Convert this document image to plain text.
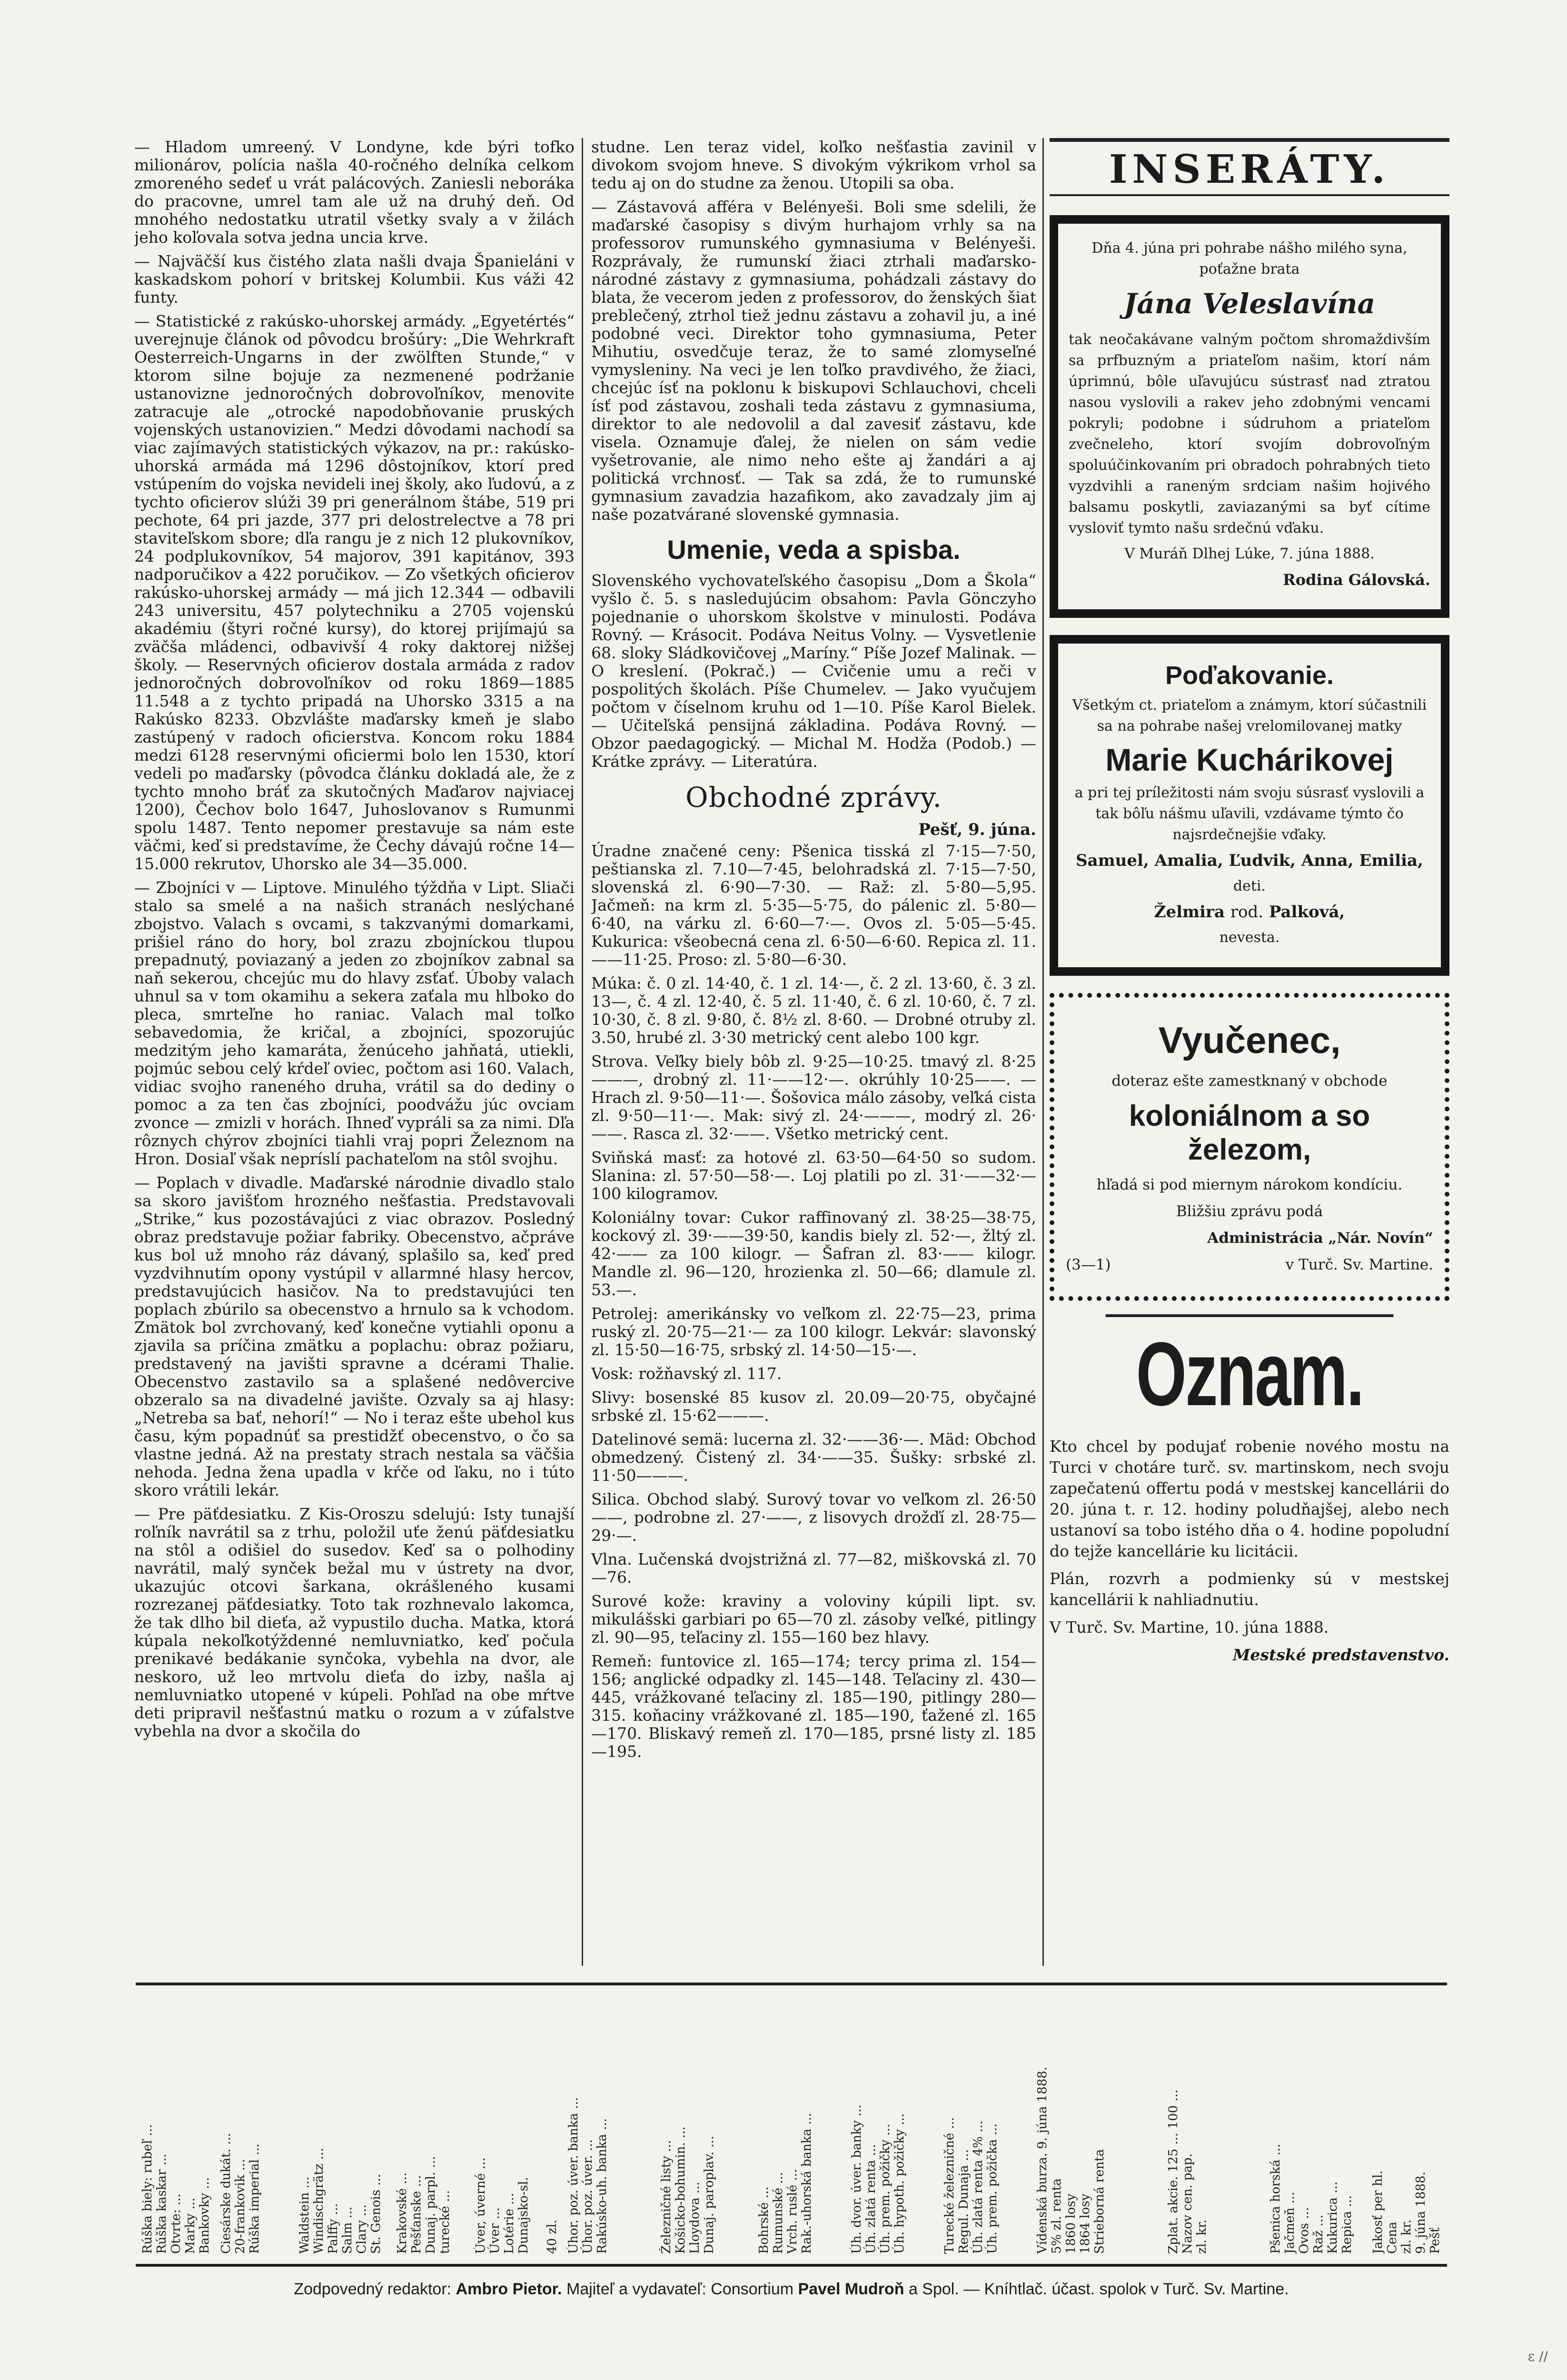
— Hladom umreený. V Londyne, kde býri tofko milionárov, polícia našla 40-ročného delníka celkom zmoreného sedeť u vrát palácových. Zaniesli neboráka do pracovne, umrel tam ale už na druhý deň. Od mnohého nedostatku utratil všetky svaly a v žilách jeho koľovala sotva jedna uncia krve.

— Najväčší kus čistého zlata našli dvaja Španieláni v kaskadskom pohorí v britskej Kolumbii. Kus váži 42 funty.

— Statistické z rakúsko-uhorskej armády. „Egyetértés“ uverejnuje článok od pôvodcu brošúry: „Die Wehrkraft Oesterreich-Ungarns in der zwölften Stunde,“ v ktorom silne bojuje za nezmenené podržanie ustanovizne jednoročných dobrovoľníkov, menovite zatracuje ale „otrocké napodobňovanie pruských vojenských ustanovizien.“ Medzi dôvodami nachodí sa viac zajímavých statistických výkazov, na pr.: rakúsko-uhorská armáda má 1296 dôstojníkov, ktorí pred vstúpením do vojska nevideli inej školy, ako ľudovú, a z tychto oficierov slúži 39 pri generálnom štábe, 519 pri pechote, 64 pri jazde, 377 pri delostrelectve a 78 pri staviteľskom sbore; dľa rangu je z nich 12 plukovníkov, 24 podplukovníkov, 54 majorov, 391 kapitánov, 393 nadporučikov a 422 poručikov. — Zo všetkých oficierov rakúsko-uhorskej armády — má jich 12.344 — odbavili 243 universitu, 457 polytechniku a 2705 vojenskú akadémiu (štyri ročné kursy), do ktorej prijímajú sa zväčša mládenci, odbavivší 4 roky daktorej nižšej školy. — Reservných oficierov dostala armáda z radov jednoročných dobrovoľníkov od roku 1869—1885 11.548 a z tychto pripadá na Uhorsko 3315 a na Rakúsko 8233. Obzvlášte maďarsky kmeň je slabo zastúpený v radoch oficierstva. Koncom roku 1884 medzi 6128 reservnými oficiermi bolo len 1530, ktorí vedeli po maďarsky (pôvodca článku dokladá ale, že z tychto mnoho bráť za skutočných Maďarov najviacej 1200), Čechov bolo 1647, Juhoslovanov s Rumunmi spolu 1487. Tento nepomer prestavuje sa nám este väčmi, keď si predstavíme, že Čechy dávajú ročne 14—15.000 rekrutov, Uhorsko ale 34—35.000.

— Zbojníci v — Liptove. Minulého týždňa v Lipt. Sliači stalo sa smelé a na našich stranách neslýchané zbojstvo. Valach s ovcami, s takzvanými domarkami, prišiel ráno do hory, bol zrazu zbojníckou tlupou prepadnutý, poviazaný a jeden zo zbojníkov zabnal sa naň sekerou, chcejúc mu do hlavy zsťať. Úboby valach uhnul sa v tom okamihu a sekera zaťala mu hlboko do pleca, smrteľne ho raniac. Valach mal toľko sebavedomia, že kričal, a zbojníci, spozorujúc medzitým jeho kamaráta, ženúceho jahňatá, utiekli, pojmúc sebou celý kŕdeľ oviec, počtom asi 160. Valach, vidiac svojho raneného druha, vrátil sa do dediny o pomoc a za ten čas zbojníci, poodvážu júc ovciam zvonce — zmizli v horách. Ihneď vypráli sa za nimi. Dľa rôznych chýrov zbojníci tiahli vraj popri Železnom na Hron. Dosiaľ však nepríslí pachateľom na stôl svojhu.

— Poplach v divadle. Maďarské národnie divadlo stalo sa skoro javišťom hrozného nešťastia. Predstavovali „Strike,“ kus pozostávajúci z viac obrazov. Posledný obraz predstavuje požiar fabriky. Obecenstvo, ačpráve kus bol už mnoho ráz dávaný, splašilo sa, keď pred vyzdvihnutím opony vystúpil v allarmné hlasy hercov, predstavujúcich hasičov. Na to predstavujúci ten poplach zbúrilo sa obecenstvo a hrnulo sa k vchodom. Zmätok bol zvrchovaný, keď konečne vytiahli oponu a zjavila sa príčina zmätku a poplachu: obraz požiaru, predstavený na javišti spravne a dcérami Thalie. Obecenstvo zastavilo sa a splašené nedôvercive obzeralo sa na divadelné javište. Ozvaly sa aj hlasy: „Netreba sa bať, nehorí!“ — No i teraz ešte ubehol kus času, kým popadnúť sa prestidžť obecenstvo, o čo sa vlastne jedná. Až na prestaty strach nestala sa väčšia nehoda. Jedna žena upadla v kŕče od ľaku, no i túto skoro vrátili lekár.

— Pre päťdesiatku. Z Kis-Oroszu sdelujú: Isty tunajší roľník navrátil sa z trhu, položil uťe ženú päťdesiatku na stôl a odišiel do susedov. Keď sa o polhodiny navrátil, malý synček bežal mu v ústrety na dvor, ukazujúc otcovi šarkana, okrášleného kusami rozrezanej päťdesiatky. Toto tak rozhnevalo lakomca, že tak dlho bil dieťa, až vypustilo ducha. Matka, ktorá kúpala nekoľkotýždenné nemluvniatko, keď počula prenikavé bedákanie synčoka, vybehla na dvor, ale neskoro, už leo mrtvolu dieťa do izby, našla aj nemluvniatko utopené v kúpeli. Pohľad na obe mŕtve deti pripravil nešťastnú matku o rozum a v zúfalstve vybehla na dvor a skočila do

studne. Len teraz videl, koľko nešťastia zavinil v divokom svojom hneve. S divokým výkrikom vrhol sa tedu aj on do studne za ženou. Utopili sa oba.

— Zástavová afféra v Belényeši. Boli sme sdelili, že maďarské časopisy s divým hurhajom vrhly sa na professorov rumunského gymnasiuma v Belényeši. Rozprávaly, že rumunskí žiaci ztrhali maďarsko-národné zástavy z gymnasiuma, pohádzali zástavy do blata, že vecerom jeden z professorov, do ženských šiat preblečený, ztrhol tiež jednu zástavu a zohavil ju, a iné podobné veci. Direktor toho gymnasiuma, Peter Mihutiu, osvedčuje teraz, že to samé zlomyseľné vymysleniny. Na veci je len toľko pravdivého, že žiaci, chcejúc ísť na poklonu k biskupovi Schlauchovi, chceli ísť pod zástavou, zoshali teda zástavu z gymnasiuma, direktor to ale nedovolil a dal zavesiť zástavu, kde visela. Oznamuje ďalej, že nielen on sám vedie vyšetrovanie, ale nimo neho ešte aj žandári a aj politická vrchnosť. — Tak sa zdá, že to rumunské gymnasium zavadzia hazafikom, ako zavadzaly jim aj naše pozatvárané slovenské gymnasia.

Umenie, veda a spisba.

Slovenského vychovateľského časopisu „Dom a Škola“ vyšlo č. 5. s nasledujúcim obsahom: Pavla Gönczyho pojednanie o uhorskom školstve v minulosti. Podáva Rovný. — Krásocit. Podáva Neitus Volny. — Vysvetlenie 68. sloky Sládkovičovej „Maríny.“ Píše Jozef Malinak. — O kreslení. (Pokrač.) — Cvičenie umu a reči v pospolitých školách. Píše Chumelev. — Jako vyučujem počtom v číselnom kruhu od 1—10. Píše Karol Bielek. — Učiteľská pensijná základina. Podáva Rovný. — Obzor paedagogický. — Michal M. Hodža (Podob.) — Krátke zprávy. — Literatúra.

Obchodné zprávy.
Pešť, 9. júna.

Úradne značené ceny: Pšenica tisská zl 7·15—7·50, peštianska zl. 7.10—7·45, belohradská zl. 7·15—7·50, slovenská zl. 6·90—7·30. — Raž: zl. 5·80—5,95. Jačmeň: na krm zl. 5·35—5·75, do pálenic zl. 5·80—6·40, na várku zl. 6·60—7·—. Ovos zl. 5·05—5·45. Kukurica: všeobecná cena zl. 6·50—6·60. Repica zl. 11.——11·25. Proso: zl. 5·80—6·30.

Múka: č. 0 zl. 14·40, č. 1 zl. 14·—, č. 2 zl. 13·60, č. 3 zl. 13—, č. 4 zl. 12·40, č. 5 zl. 11·40, č. 6 zl. 10·60, č. 7 zl. 10·30, č. 8 zl. 9·80, č. 8½ zl. 8·60. — Drobné otruby zl. 3.50, hrubé zl. 3·30 metrický cent alebo 100 kgr.

Strova. Veľky biely bôb zl. 9·25—10·25. tmavý zl. 8·25———, drobný zl. 11·——12·—. okrúhly 10·25——. — Hrach zl. 9·50—11·—. Šošovica málo zásoby, veľká cista zl. 9·50—11·—. Mak: sivý zl. 24·———, modrý zl. 26·——. Rasca zl. 32·——. Všetko metrický cent.

Sviňská masť: za hotové zl. 63·50—64·50 so sudom. Slanina: zl. 57·50—58·—. Loj platili po zl. 31·——32·— 100 kilogramov.

Koloniálny tovar: Cukor raffinovaný zl. 38·25—38·75, kockový zl. 39·——39·50, kandis biely zl. 52·—, žltý zl. 42·—— za 100 kilogr. — Šafran zl. 83·—— kilogr. Mandle zl. 96—120, hrozienka zl. 50—66; dlamule zl. 53.—.

Petrolej: amerikánsky vo veľkom zl. 22·75—23, prima ruský zl. 20·75—21·— za 100 kilogr. Lekvár: slavonský zl. 15·50—16·75, srbský zl. 14·50—15·—.

Vosk: rožňavský zl. 117.

Slivy: bosenské 85 kusov zl. 20.09—20·75, obyčajné srbské zl. 15·62———.

Datelinové semä: lucerna zl. 32·——36·—. Mäd: Obchod obmedzený. Čistený zl. 34·——35. Šušky: srbské zl. 11·50———.

Silica. Obchod slabý. Surový tovar vo veľkom zl. 26·50——, podrobne zl. 27·——, z lisovych drožďí zl. 28·75—29·—.

Vlna. Lučenská dvojstrižná zl. 77—82, miškovská zl. 70—76.

Surové kože: kraviny a voloviny kúpili lipt. sv. mikulášski garbiari po 65—70 zl. zásoby veľké, pitlingy zl. 90—95, teľaciny zl. 155—160 bez hlavy.

Remeň: funtovice zl. 165—174; tercy prima zl. 154—156; anglické odpadky zl. 145—148. Teľaciny zl. 430—445, vrážkované teľaciny zl. 185—190, pitlingy 280—315. koňaciny vrážkované zl. 185—190, ťažené zl. 165—170. Bliskavý remeň zl. 170—185, prsné listy zl. 185—195.

INSERÁTY.

Dňa 4. júna pri pohrabe nášho milého syna, poťažne brata

Jána Veleslavína

tak neočakávane valným počtom shromaždivším sa prfbuzným a priateľom našim, ktorí nám úprimnú, bôle uľavujúcu sústrasť nad ztratou nasou vyslovili a rakev jeho zdobnými vencami pokryli; podobne i súdruhom a priateľom zvečneleho, ktorí svojím dobrovoľným spoluúčinkovaním pri obradoch pohrabných tieto vyzdvihli a raneným srdciam našim hojivého balsamu poskytli, zaviazanými sa byť cítime vysloviť tymto našu srdečnú vďaku.

V Muráň Dlhej Lúke, 7. júna 1888.

Rodina Gálovská.

Poďakovanie.

Všetkým ct. priateľom a známym, ktorí súčastnili sa na pohrabe našej vrelomilovanej matky

Marie Kuchárikovej

a pri tej príležitosti nám svoju súsrasť vyslovili a tak bôľu nášmu uľavili, vzdávame týmto čo najsrdečnejšie vďaky.

Samuel, Amalia, Ľudvik, Anna, Emilia,

deti.

Želmira rod. Palková,

nevesta.

Vyučenec,

doteraz ešte zamestknaný v obchode

koloniálnom a so železom,

hľadá si pod miernym nárokom kondíciu.

Bližšiu zprávu podá

Administrácia „Nár. Novín“

(3—1)	v Turč. Sv. Martine.

Oznam.

Kto chcel by podujať robenie nového mostu na Turci v chotáre turč. sv. martinskom, nech svoju zapečatenú offertu podá v mestskej kancellárii do 20. júna t. r. 12. hodiny poludňajšej, alebo nech ustanoví sa tobo istého dňa o 4. hodine popoludní do tejže kancellárie ku licitácii.

Plán, rozvrh a podmienky sú v mestskej kancellárii k nahliadnutiu.

V Turč. Sv. Martine, 10. júna 1888.

Mestské predstavenstvo.

Rúška biely: rubeľ ...
Rúška kaskar ...
Otvrte: ...
Marky ...
Bankovky ...
Ciesárske dukát. ...
20-frankovik ...
Rúška imperial ...
Waldstein ...
Windischgrätz ...
Palffy ...
Salm ...
Clary ...
St. Genois ...
Krakovské ...
Pešťanske ...
Dunaj. parpl. ...
turecké ...
Úver, úverné ...
Úver ...
Lotérie ...
Dunajsko-sl.

40 zl.
Úhor. poz. úver. banka ...
Úhor. poz. úver. ...
Rakúsko-uh. banka ...
Železničné listy ...
Košicko-bohumin. ...
Lloydova ...
Dunaj. paroplav. ...
Bohrské ...
Rumunské ...
Vrch. ruslé ...
Rak.-uhorská banka ...
Úh. dvor. úver. banky ...
Úh. zlatá renta ...
Úh. prem. požičky ...
Úh. hypoth. požičky ...
Turecké železničné ...
Regul. Dunaja ...
Úh. zlatá renta 4% ...
Úh. prem. požička ...
Vídenská burza. 9. júna 1888.
5% zl. renta
1860 losy
1864 losy
Strieborná renta
Zplat. akcie. 125 ... 100 ...
Nazov cen. pap.
zl. kr.	Pšenica horská ...
Jačmeň ...
Ovos ...
Raž ...
Kukurica ...
Repica ...
Jakosť per hl.
Cena
zl. kr.
9. júna 1888.
Pešť
Zodpovedný redaktor: Ambro Pietor. Majiteľ a vydavateľ: Consortium Pavel Mudroň a Spol. — Kníhtlač. účast. spolok v Turč. Sv. Martine.
ε //
